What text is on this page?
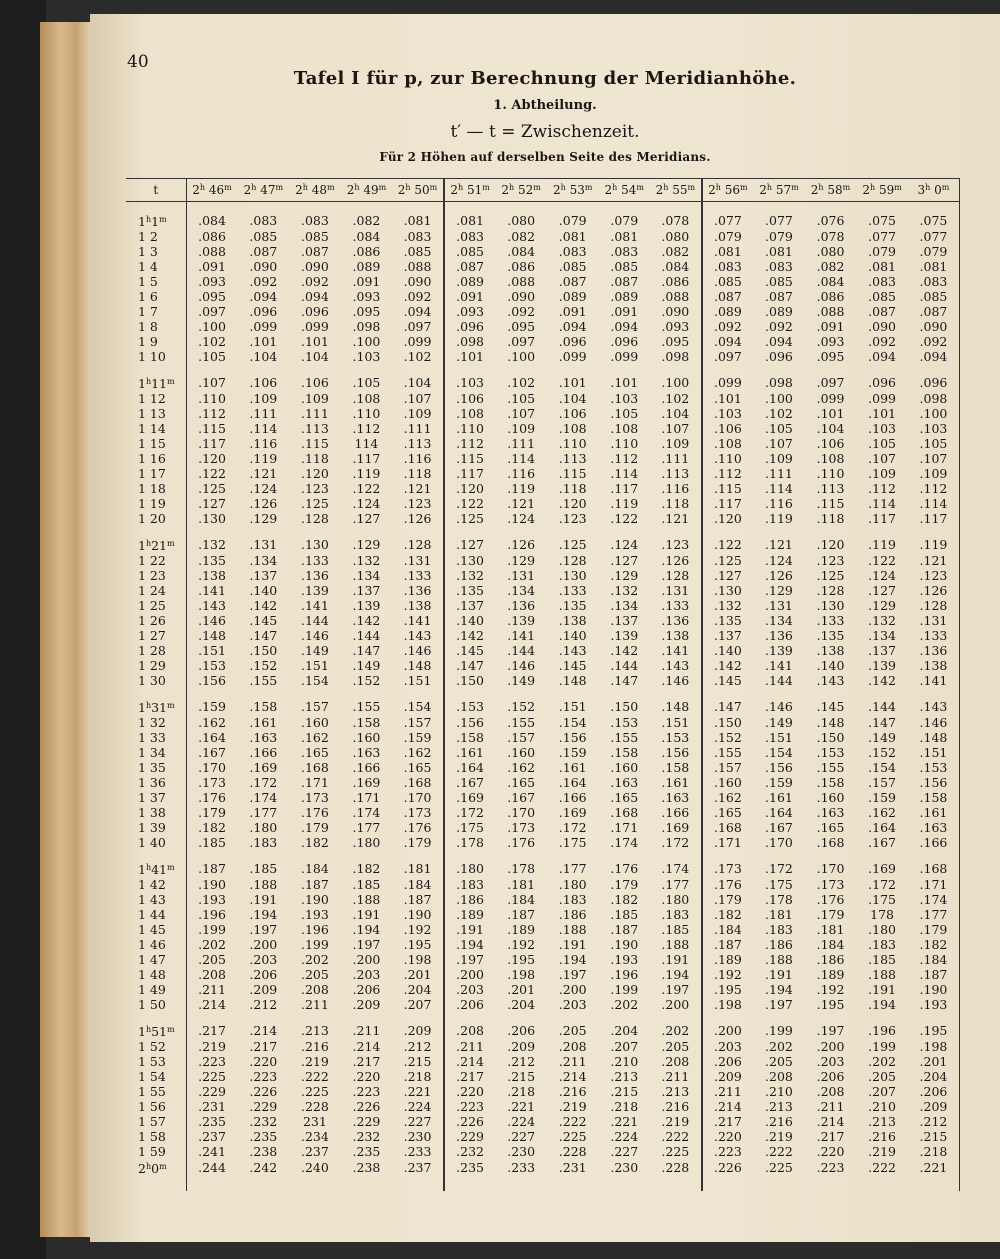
40
Tafel I für p, zur Berechnung der Meridianhöhe.
1. Abtheilung.
t′ — t = Zwischenzeit.
Für 2 Höhen auf derselben Seite des Meridians.
t	2$^h$ 46$^m$	2$^h$ 47$^m$	2$^h$ 48$^m$	2$^h$ 49$^m$	2$^h$ 50$^m$	2$^h$ 51$^m$	2$^h$ 52$^m$	2$^h$ 53$^m$	2$^h$ 54$^m$	2$^h$ 55$^m$	2$^h$ 56$^m$	2$^h$ 57$^m$	2$^h$ 58$^m$	2$^h$ 59$^m$	3$^h$ 0$^m$
1$^h$1$^m$	.084	.083	.083	.082	.081	.081	.080	.079	.079	.078	.077	.077	.076	.075	.075
1 2	.086	.085	.085	.084	.083	.083	.082	.081	.081	.080	.079	.079	.078	.077	.077
1 3	.088	.087	.087	.086	.085	.085	.084	.083	.083	.082	.081	.081	.080	.079	.079
1 4	.091	.090	.090	.089	.088	.087	.086	.085	.085	.084	.083	.083	.082	.081	.081
1 5	.093	.092	.092	.091	.090	.089	.088	.087	.087	.086	.085	.085	.084	.083	.083
1 6	.095	.094	.094	.093	.092	.091	.090	.089	.089	.088	.087	.087	.086	.085	.085
1 7	.097	.096	.096	.095	.094	.093	.092	.091	.091	.090	.089	.089	.088	.087	.087
1 8	.100	.099	.099	.098	.097	.096	.095	.094	.094	.093	.092	.092	.091	.090	.090
1 9	.102	.101	.101	.100	.099	.098	.097	.096	.096	.095	.094	.094	.093	.092	.092
1 10	.105	.104	.104	.103	.102	.101	.100	.099	.099	.098	.097	.096	.095	.094	.094
1$^h$11$^m$	.107	.106	.106	.105	.104	.103	.102	.101	.101	.100	.099	.098	.097	.096	.096
1 12	.110	.109	.109	.108	.107	.106	.105	.104	.103	.102	.101	.100	.099	.099	.098
1 13	.112	.111	.111	.110	.109	.108	.107	.106	.105	.104	.103	.102	.101	.101	.100
1 14	.115	.114	.113	.112	.111	.110	.109	.108	.108	.107	.106	.105	.104	.103	.103
1 15	.117	.116	.115	114	.113	.112	.111	.110	.110	.109	.108	.107	.106	.105	.105
1 16	.120	.119	.118	.117	.116	.115	.114	.113	.112	.111	.110	.109	.108	.107	.107
1 17	.122	.121	.120	.119	.118	.117	.116	.115	.114	.113	.112	.111	.110	.109	.109
1 18	.125	.124	.123	.122	.121	.120	.119	.118	.117	.116	.115	.114	.113	.112	.112
1 19	.127	.126	.125	.124	.123	.122	.121	.120	.119	.118	.117	.116	.115	.114	.114
1 20	.130	.129	.128	.127	.126	.125	.124	.123	.122	.121	.120	.119	.118	.117	.117
1$^h$21$^m$	.132	.131	.130	.129	.128	.127	.126	.125	.124	.123	.122	.121	.120	.119	.119
1 22	.135	.134	.133	.132	.131	.130	.129	.128	.127	.126	.125	.124	.123	.122	.121
1 23	.138	.137	.136	.134	.133	.132	.131	.130	.129	.128	.127	.126	.125	.124	.123
1 24	.141	.140	.139	.137	.136	.135	.134	.133	.132	.131	.130	.129	.128	.127	.126
1 25	.143	.142	.141	.139	.138	.137	.136	.135	.134	.133	.132	.131	.130	.129	.128
1 26	.146	.145	.144	.142	.141	.140	.139	.138	.137	.136	.135	.134	.133	.132	.131
1 27	.148	.147	.146	.144	.143	.142	.141	.140	.139	.138	.137	.136	.135	.134	.133
1 28	.151	.150	.149	.147	.146	.145	.144	.143	.142	.141	.140	.139	.138	.137	.136
1 29	.153	.152	.151	.149	.148	.147	.146	.145	.144	.143	.142	.141	.140	.139	.138
1 30	.156	.155	.154	.152	.151	.150	.149	.148	.147	.146	.145	.144	.143	.142	.141
1$^h$31$^m$	.159	.158	.157	.155	.154	.153	.152	.151	.150	.148	.147	.146	.145	.144	.143
1 32	.162	.161	.160	.158	.157	.156	.155	.154	.153	.151	.150	.149	.148	.147	.146
1 33	.164	.163	.162	.160	.159	.158	.157	.156	.155	.153	.152	.151	.150	.149	.148
1 34	.167	.166	.165	.163	.162	.161	.160	.159	.158	.156	.155	.154	.153	.152	.151
1 35	.170	.169	.168	.166	.165	.164	.162	.161	.160	.158	.157	.156	.155	.154	.153
1 36	.173	.172	.171	.169	.168	.167	.165	.164	.163	.161	.160	.159	.158	.157	.156
1 37	.176	.174	.173	.171	.170	.169	.167	.166	.165	.163	.162	.161	.160	.159	.158
1 38	.179	.177	.176	.174	.173	.172	.170	.169	.168	.166	.165	.164	.163	.162	.161
1 39	.182	.180	.179	.177	.176	.175	.173	.172	.171	.169	.168	.167	.165	.164	.163
1 40	.185	.183	.182	.180	.179	.178	.176	.175	.174	.172	.171	.170	.168	.167	.166
1$^h$41$^m$	.187	.185	.184	.182	.181	.180	.178	.177	.176	.174	.173	.172	.170	.169	.168
1 42	.190	.188	.187	.185	.184	.183	.181	.180	.179	.177	.176	.175	.173	.172	.171
1 43	.193	.191	.190	.188	.187	.186	.184	.183	.182	.180	.179	.178	.176	.175	.174
1 44	.196	.194	.193	.191	.190	.189	.187	.186	.185	.183	.182	.181	.179	178	.177
1 45	.199	.197	.196	.194	.192	.191	.189	.188	.187	.185	.184	.183	.181	.180	.179
1 46	.202	.200	.199	.197	.195	.194	.192	.191	.190	.188	.187	.186	.184	.183	.182
1 47	.205	.203	.202	.200	.198	.197	.195	.194	.193	.191	.189	.188	.186	.185	.184
1 48	.208	.206	.205	.203	.201	.200	.198	.197	.196	.194	.192	.191	.189	.188	.187
1 49	.211	.209	.208	.206	.204	.203	.201	.200	.199	.197	.195	.194	.192	.191	.190
1 50	.214	.212	.211	.209	.207	.206	.204	.203	.202	.200	.198	.197	.195	.194	.193
1$^h$51$^m$	.217	.214	.213	.211	.209	.208	.206	.205	.204	.202	.200	.199	.197	.196	.195
1 52	.219	.217	.216	.214	.212	.211	.209	.208	.207	.205	.203	.202	.200	.199	.198
1 53	.223	.220	.219	.217	.215	.214	.212	.211	.210	.208	.206	.205	.203	.202	.201
1 54	.225	.223	.222	.220	.218	.217	.215	.214	.213	.211	.209	.208	.206	.205	.204
1 55	.229	.226	.225	.223	.221	.220	.218	.216	.215	.213	.211	.210	.208	.207	.206
1 56	.231	.229	.228	.226	.224	.223	.221	.219	.218	.216	.214	.213	.211	.210	.209
1 57	.235	.232	231	.229	.227	.226	.224	.222	.221	.219	.217	.216	.214	.213	.212
1 58	.237	.235	.234	.232	.230	.229	.227	.225	.224	.222	.220	.219	.217	.216	.215
1 59	.241	.238	.237	.235	.233	.232	.230	.228	.227	.225	.223	.222	.220	.219	.218
2$^h$0$^m$	.244	.242	.240	.238	.237	.235	.233	.231	.230	.228	.226	.225	.223	.222	.221
